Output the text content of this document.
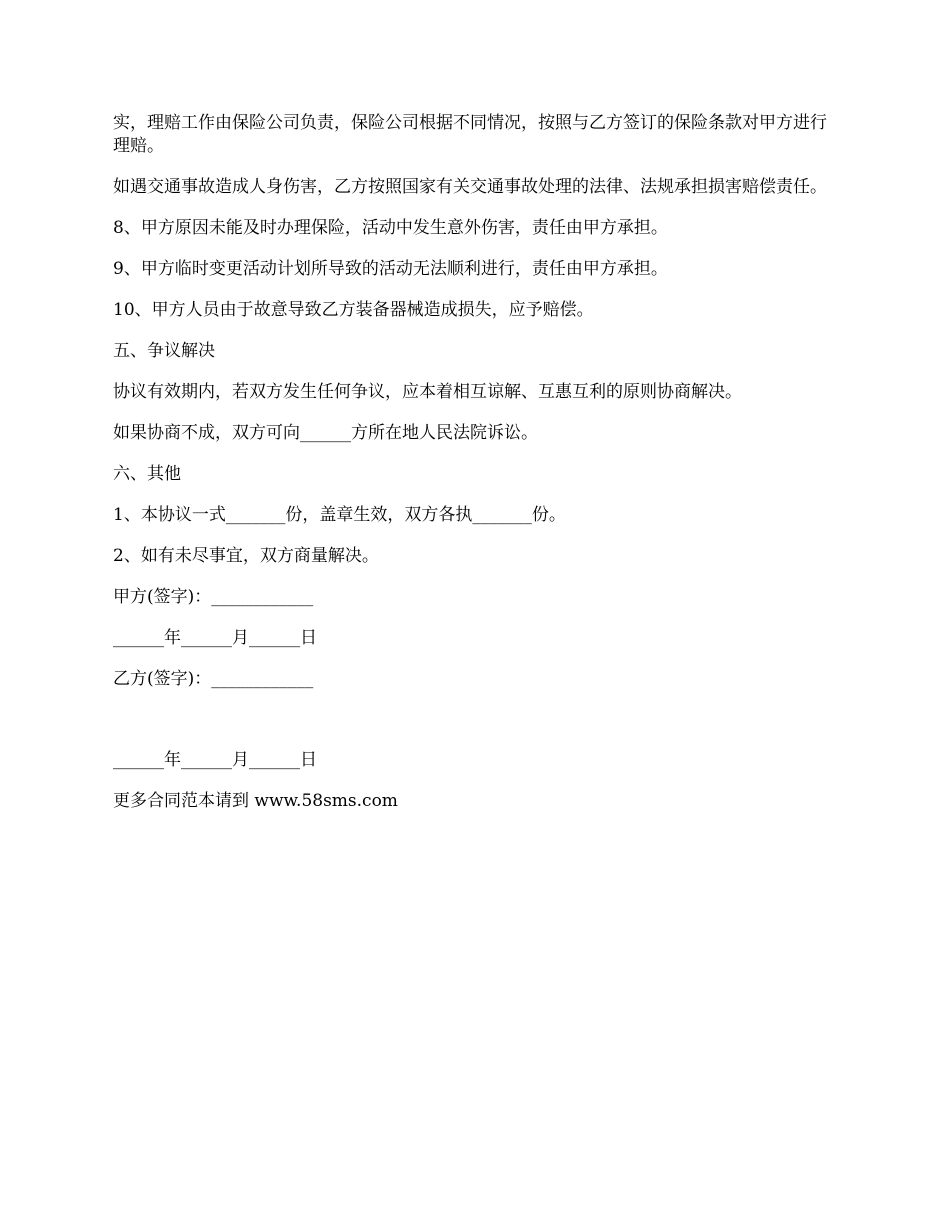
实，理赔工作由保险公司负责，保险公司根据不同情况，按照与乙方签订的保险条款对甲方进行理赔。

如遇交通事故造成人身伤害，乙方按照国家有关交通事故处理的法律、法规承担损害赔偿责任。

8、甲方原因未能及时办理保险，活动中发生意外伤害，责任由甲方承担。

9、甲方临时变更活动计划所导致的活动无法顺利进行，责任由甲方承担。

10、甲方人员由于故意导致乙方装备器械造成损失，应予赔偿。

五、争议解决

协议有效期内，若双方发生任何争议，应本着相互谅解、互惠互利的原则协商解决。

如果协商不成，双方可向______方所在地人民法院诉讼。

六、其他

1、本协议一式_______份，盖章生效，双方各执_______份。

2、如有未尽事宜，双方商量解决。

甲方(签字)：____________

______年______月______日

乙方(签字)：____________

______年______月______日

更多合同范本请到 www.58sms.com
